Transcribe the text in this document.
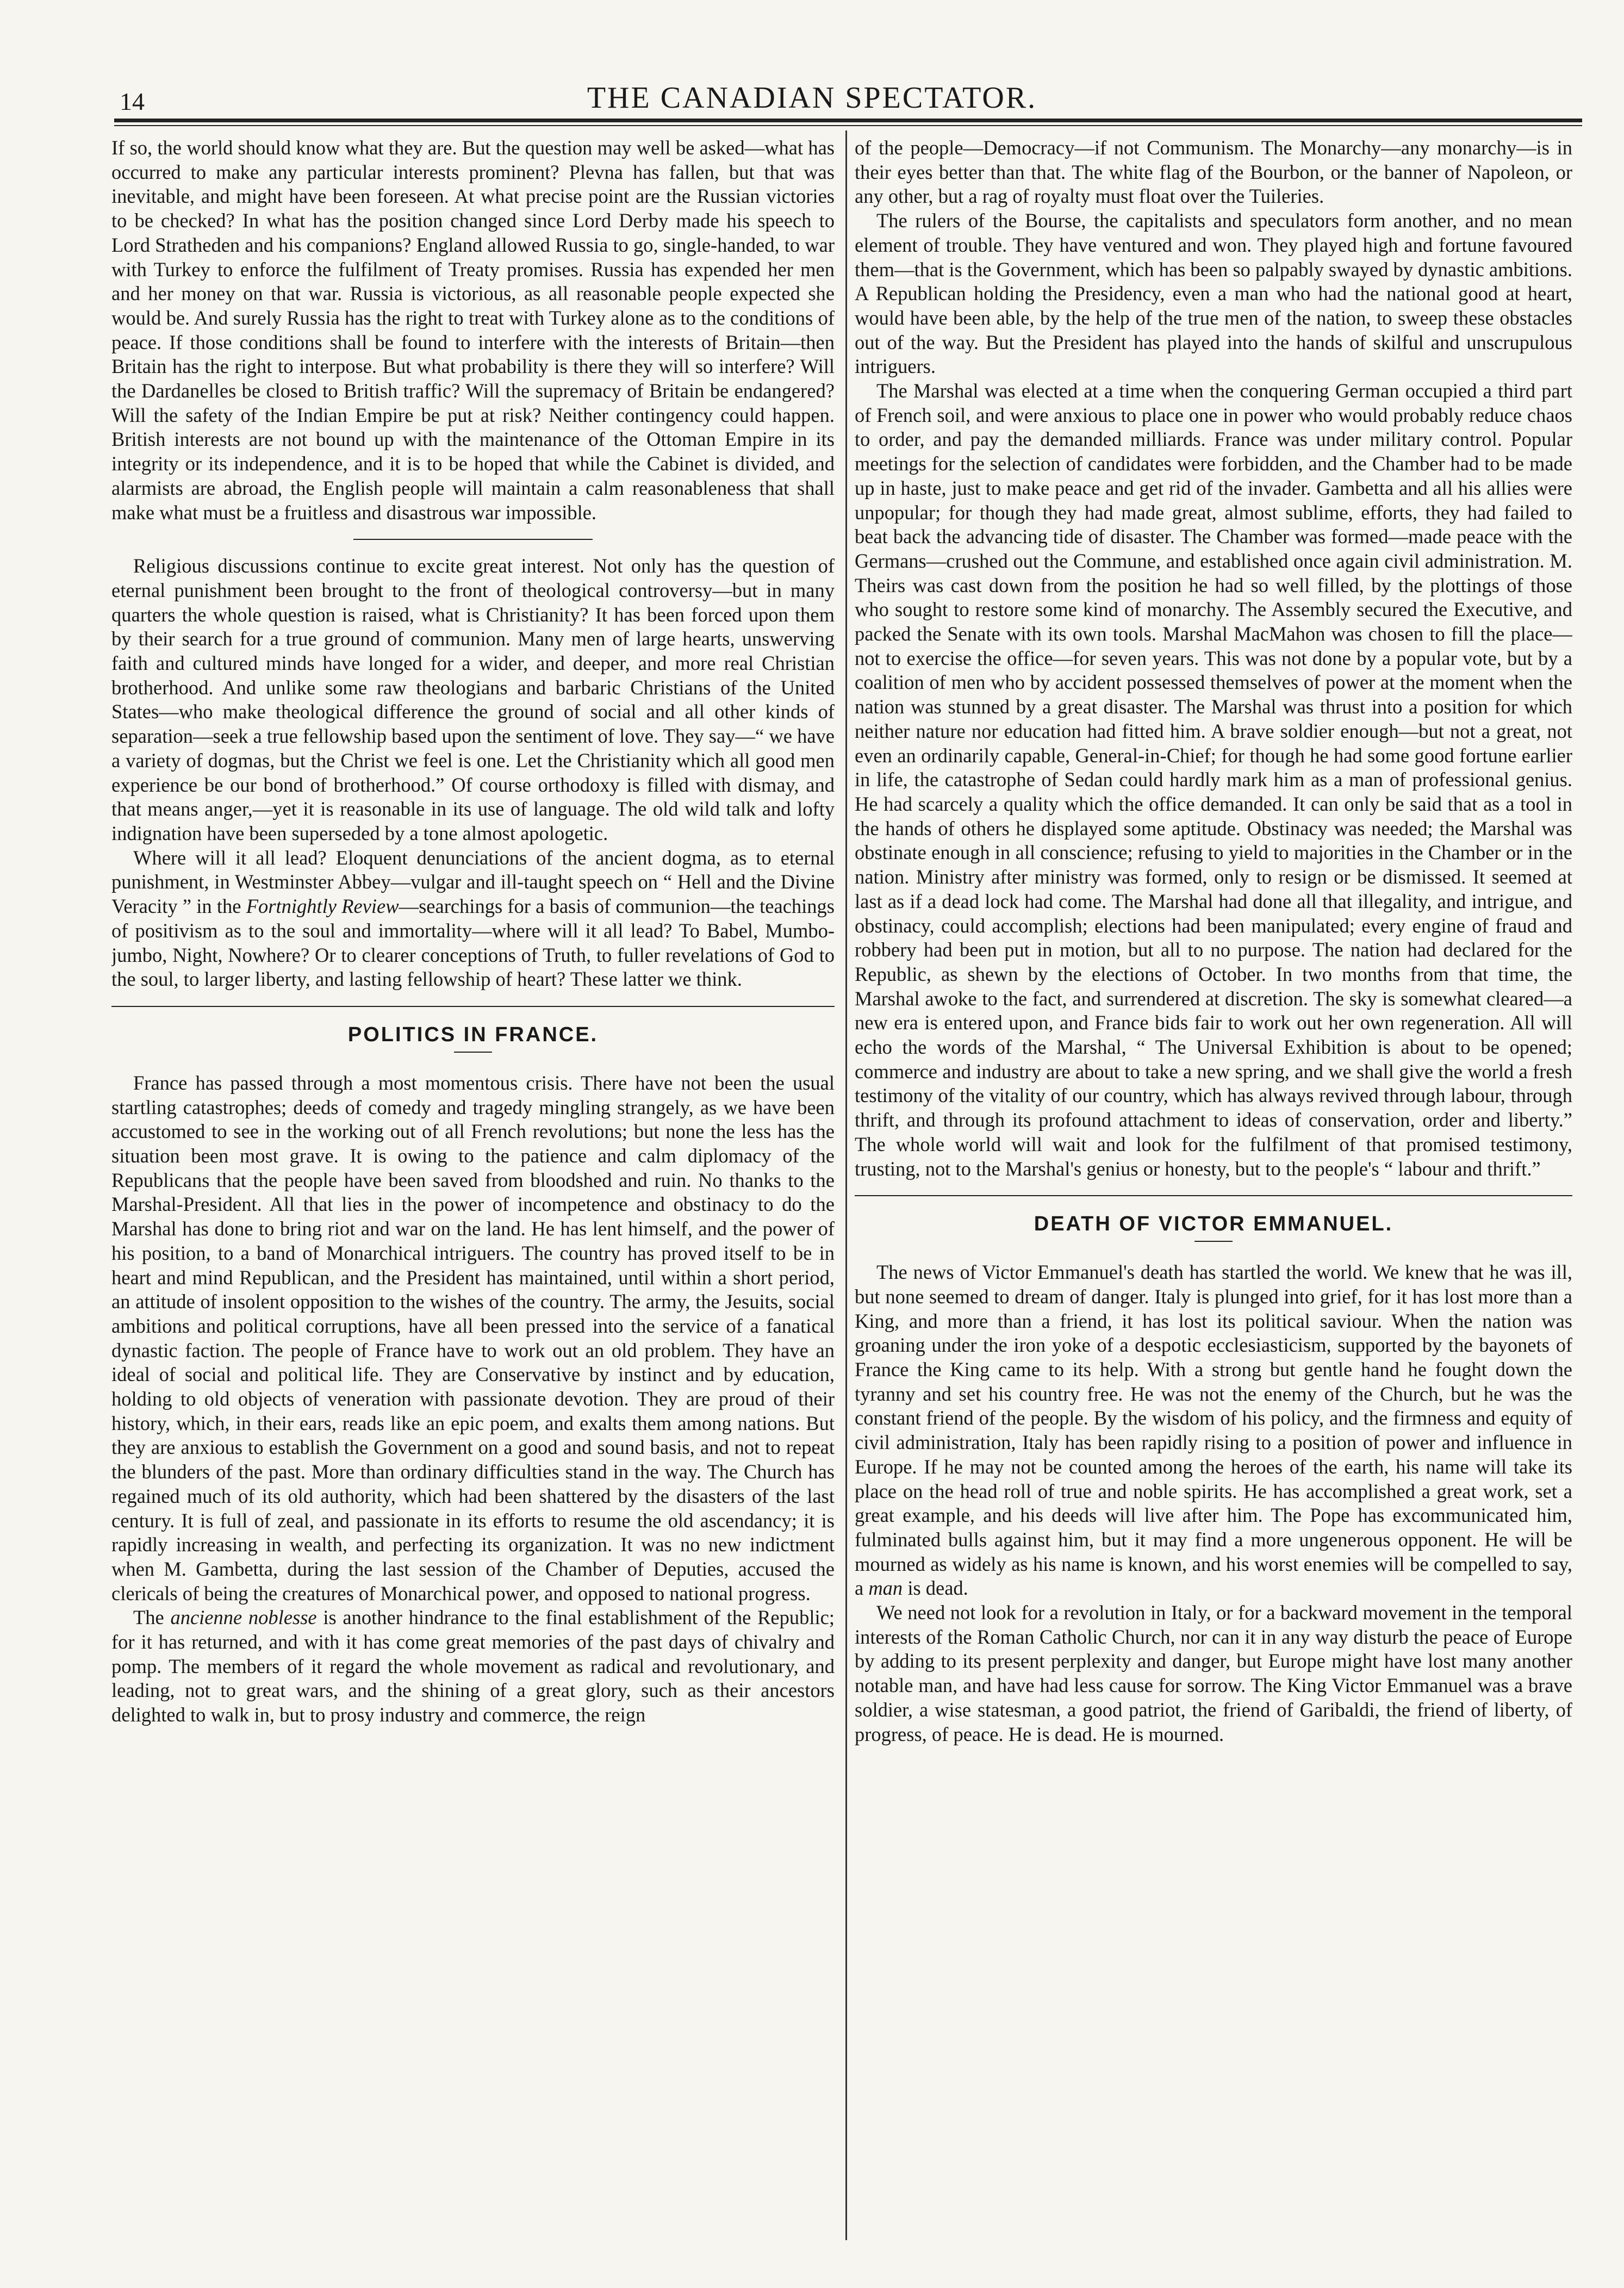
14	THE CANADIAN SPECTATOR.

If so, the world should know what they are. But the question may well be asked—what has occurred to make any particular interests prominent? Plevna has fallen, but that was inevitable, and might have been foreseen. At what precise point are the Russian victories to be checked? In what has the position changed since Lord Derby made his speech to Lord Stratheden and his companions? England allowed Russia to go, single-handed, to war with Turkey to enforce the fulfilment of Treaty promises. Russia has expended her men and her money on that war. Russia is victorious, as all reasonable people expected she would be. And surely Russia has the right to treat with Turkey alone as to the conditions of peace. If those conditions shall be found to interfere with the interests of Britain—then Britain has the right to interpose. But what probability is there they will so interfere? Will the Dardanelles be closed to British traffic? Will the supremacy of Britain be endangered? Will the safety of the Indian Empire be put at risk? Neither contingency could happen. British interests are not bound up with the maintenance of the Ottoman Empire in its integrity or its independence, and it is to be hoped that while the Cabinet is divided, and alarmists are abroad, the English people will maintain a calm reasonableness that shall make what must be a fruitless and disastrous war impossible.

Religious discussions continue to excite great interest. Not only has the question of eternal punishment been brought to the front of theological controversy—but in many quarters the whole question is raised, what is Christianity? It has been forced upon them by their search for a true ground of communion. Many men of large hearts, unswerving faith and cultured minds have longed for a wider, and deeper, and more real Christian brotherhood. And unlike some raw theologians and barbaric Christians of the United States—who make theological difference the ground of social and all other kinds of separation—seek a true fellowship based upon the sentiment of love. They say—“ we have a variety of dogmas, but the Christ we feel is one. Let the Christianity which all good men experience be our bond of brotherhood.” Of course orthodoxy is filled with dismay, and that means anger,—yet it is reasonable in its use of language. The old wild talk and lofty indignation have been superseded by a tone almost apologetic.

Where will it all lead? Eloquent denunciations of the ancient dogma, as to eternal punishment, in Westminster Abbey—vulgar and ill-taught speech on “ Hell and the Divine Veracity ” in the Fortnightly Review—searchings for a basis of communion—the teachings of positivism as to the soul and immortality—where will it all lead? To Babel, Mumbo-jumbo, Night, Nowhere? Or to clearer conceptions of Truth, to fuller revelations of God to the soul, to larger liberty, and lasting fellowship of heart? These latter we think.

POLITICS IN FRANCE.

France has passed through a most momentous crisis. There have not been the usual startling catastrophes; deeds of comedy and tragedy mingling strangely, as we have been accustomed to see in the working out of all French revolutions; but none the less has the situation been most grave. It is owing to the patience and calm diplomacy of the Republicans that the people have been saved from bloodshed and ruin. No thanks to the Marshal-President. All that lies in the power of incompetence and obstinacy to do the Marshal has done to bring riot and war on the land. He has lent himself, and the power of his position, to a band of Monarchical intriguers. The country has proved itself to be in heart and mind Republican, and the President has maintained, until within a short period, an attitude of insolent opposition to the wishes of the country. The army, the Jesuits, social ambitions and political corruptions, have all been pressed into the service of a fanatical dynastic faction. The people of France have to work out an old problem. They have an ideal of social and political life. They are Conservative by instinct and by education, holding to old objects of veneration with passionate devotion. They are proud of their history, which, in their ears, reads like an epic poem, and exalts them among nations. But they are anxious to establish the Government on a good and sound basis, and not to repeat the blunders of the past. More than ordinary difficulties stand in the way. The Church has regained much of its old authority, which had been shattered by the disasters of the last century. It is full of zeal, and passionate in its efforts to resume the old ascendancy; it is rapidly increasing in wealth, and perfecting its organization. It was no new indictment when M. Gambetta, during the last session of the Chamber of Deputies, accused the clericals of being the creatures of Monarchical power, and opposed to national progress.

The ancienne noblesse is another hindrance to the final establishment of the Republic; for it has returned, and with it has come great memories of the past days of chivalry and pomp. The members of it regard the whole movement as radical and revolutionary, and leading, not to great wars, and the shining of a great glory, such as their ancestors delighted to walk in, but to prosy industry and commerce, the reign

of the people—Democracy—if not Communism. The Monarchy—any monarchy—is in their eyes better than that. The white flag of the Bourbon, or the banner of Napoleon, or any other, but a rag of royalty must float over the Tuileries.

The rulers of the Bourse, the capitalists and speculators form another, and no mean element of trouble. They have ventured and won. They played high and fortune favoured them—that is the Government, which has been so palpably swayed by dynastic ambitions. A Republican holding the Presidency, even a man who had the national good at heart, would have been able, by the help of the true men of the nation, to sweep these obstacles out of the way. But the President has played into the hands of skilful and unscrupulous intriguers.

The Marshal was elected at a time when the conquering German occupied a third part of French soil, and were anxious to place one in power who would probably reduce chaos to order, and pay the demanded milliards. France was under military control. Popular meetings for the selection of candidates were forbidden, and the Chamber had to be made up in haste, just to make peace and get rid of the invader. Gambetta and all his allies were unpopular; for though they had made great, almost sublime, efforts, they had failed to beat back the advancing tide of disaster. The Chamber was formed—made peace with the Germans—crushed out the Commune, and established once again civil administration. M. Theirs was cast down from the position he had so well filled, by the plottings of those who sought to restore some kind of monarchy. The Assembly secured the Executive, and packed the Senate with its own tools. Marshal MacMahon was chosen to fill the place—not to exercise the office—for seven years. This was not done by a popular vote, but by a coalition of men who by accident possessed themselves of power at the moment when the nation was stunned by a great disaster. The Marshal was thrust into a position for which neither nature nor education had fitted him. A brave soldier enough—but not a great, not even an ordinarily capable, General-in-Chief; for though he had some good fortune earlier in life, the catastrophe of Sedan could hardly mark him as a man of professional genius. He had scarcely a quality which the office demanded. It can only be said that as a tool in the hands of others he displayed some aptitude. Obstinacy was needed; the Marshal was obstinate enough in all conscience; refusing to yield to majorities in the Chamber or in the nation. Ministry after ministry was formed, only to resign or be dismissed. It seemed at last as if a dead lock had come. The Marshal had done all that illegality, and intrigue, and obstinacy, could accomplish; elections had been manipulated; every engine of fraud and robbery had been put in motion, but all to no purpose. The nation had declared for the Republic, as shewn by the elections of October. In two months from that time, the Marshal awoke to the fact, and surrendered at discretion. The sky is somewhat cleared—a new era is entered upon, and France bids fair to work out her own regeneration. All will echo the words of the Marshal, “ The Universal Exhibition is about to be opened; commerce and industry are about to take a new spring, and we shall give the world a fresh testimony of the vitality of our country, which has always revived through labour, through thrift, and through its profound attachment to ideas of conservation, order and liberty.” The whole world will wait and look for the fulfilment of that promised testimony, trusting, not to the Marshal's genius or honesty, but to the people's “ labour and thrift.”

DEATH OF VICTOR EMMANUEL.

The news of Victor Emmanuel's death has startled the world. We knew that he was ill, but none seemed to dream of danger. Italy is plunged into grief, for it has lost more than a King, and more than a friend, it has lost its political saviour. When the nation was groaning under the iron yoke of a despotic ecclesiasticism, supported by the bayonets of France the King came to its help. With a strong but gentle hand he fought down the tyranny and set his country free. He was not the enemy of the Church, but he was the constant friend of the people. By the wisdom of his policy, and the firmness and equity of civil administration, Italy has been rapidly rising to a position of power and influence in Europe. If he may not be counted among the heroes of the earth, his name will take its place on the head roll of true and noble spirits. He has accomplished a great work, set a great example, and his deeds will live after him. The Pope has excommunicated him, fulminated bulls against him, but it may find a more ungenerous opponent. He will be mourned as widely as his name is known, and his worst enemies will be compelled to say, a man is dead.

We need not look for a revolution in Italy, or for a backward movement in the temporal interests of the Roman Catholic Church, nor can it in any way disturb the peace of Europe by adding to its present perplexity and danger, but Europe might have lost many another notable man, and have had less cause for sorrow. The King Victor Emmanuel was a brave soldier, a wise statesman, a good patriot, the friend of Garibaldi, the friend of liberty, of progress, of peace. He is dead. He is mourned.
